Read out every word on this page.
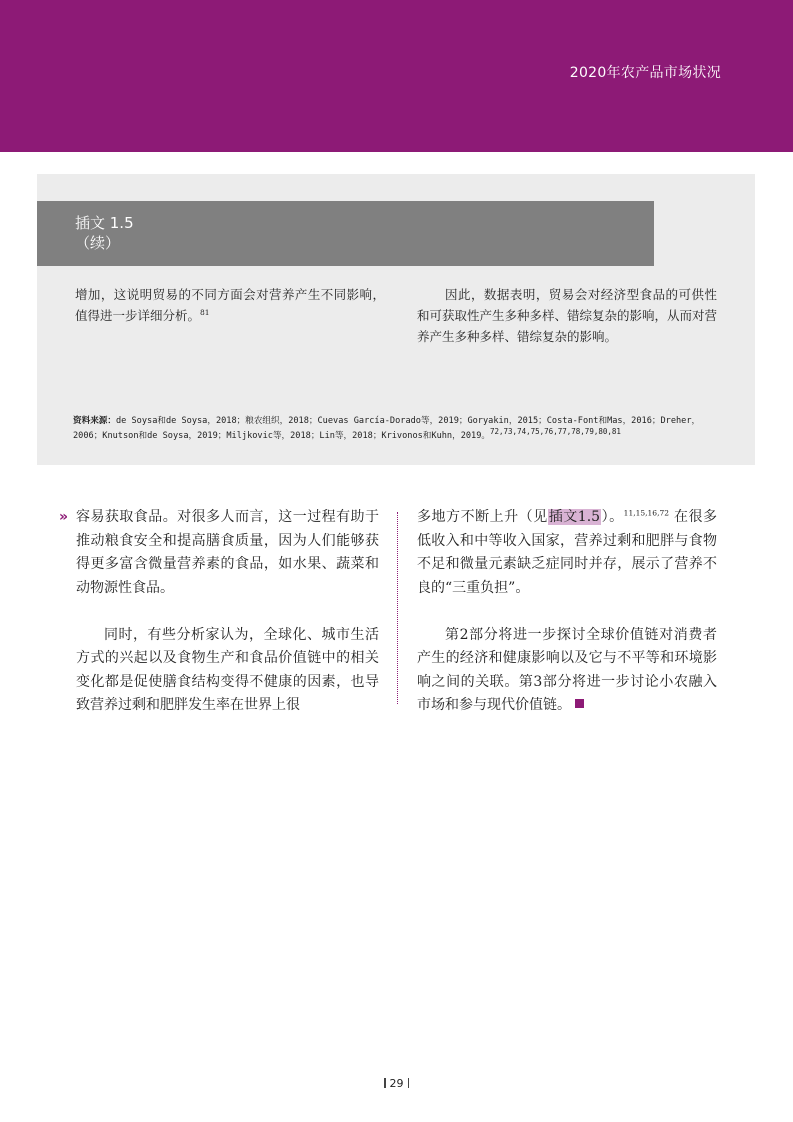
2020年农产品市场状况
插文 1.5
（续）
增加，这说明贸易的不同方面会对营养产生不同影响，值得进一步详细分析。$^{81}$
因此，数据表明，贸易会对经济型食品的可供性和可获取性产生多种多样、错综复杂的影响，从而对营养产生多种多样、错综复杂的影响。
资料来源：de Soysa和de Soysa，2018；粮农组织，2018；Cuevas García-Dorado等，2019；Goryakin，2015；Costa-Font和Mas，2016；Dreher，2006；Knutson和de Soysa，2019；Miljkovic等，2018；Lin等，2018；Krivonos和Kuhn，2019。72,73,74,75,76,77,78,79,80,81
» 容易获取食品。对很多人而言，这一过程有助于推动粮食安全和提高膳食质量，因为人们能够获得更多富含微量营养素的食品，如水果、蔬菜和动物源性食品。

同时，有些分析家认为，全球化、城市生活方式的兴起以及食物生产和食品价值链中的相关变化都是促使膳食结构变得不健康的因素，也导致营养过剩和肥胖发生率在世界上很

多地方不断上升（见插文1.5）。$^{11,15,16,72}$ 在很多低收入和中等收入国家，营养过剩和肥胖与食物不足和微量元素缺乏症同时并存，展示了营养不良的“三重负担”。

第2部分将进一步探讨全球价值链对消费者产生的经济和健康影响以及它与不平等和环境影响之间的关联。第3部分将进一步讨论小农融入市场和参与现代价值链。

29
